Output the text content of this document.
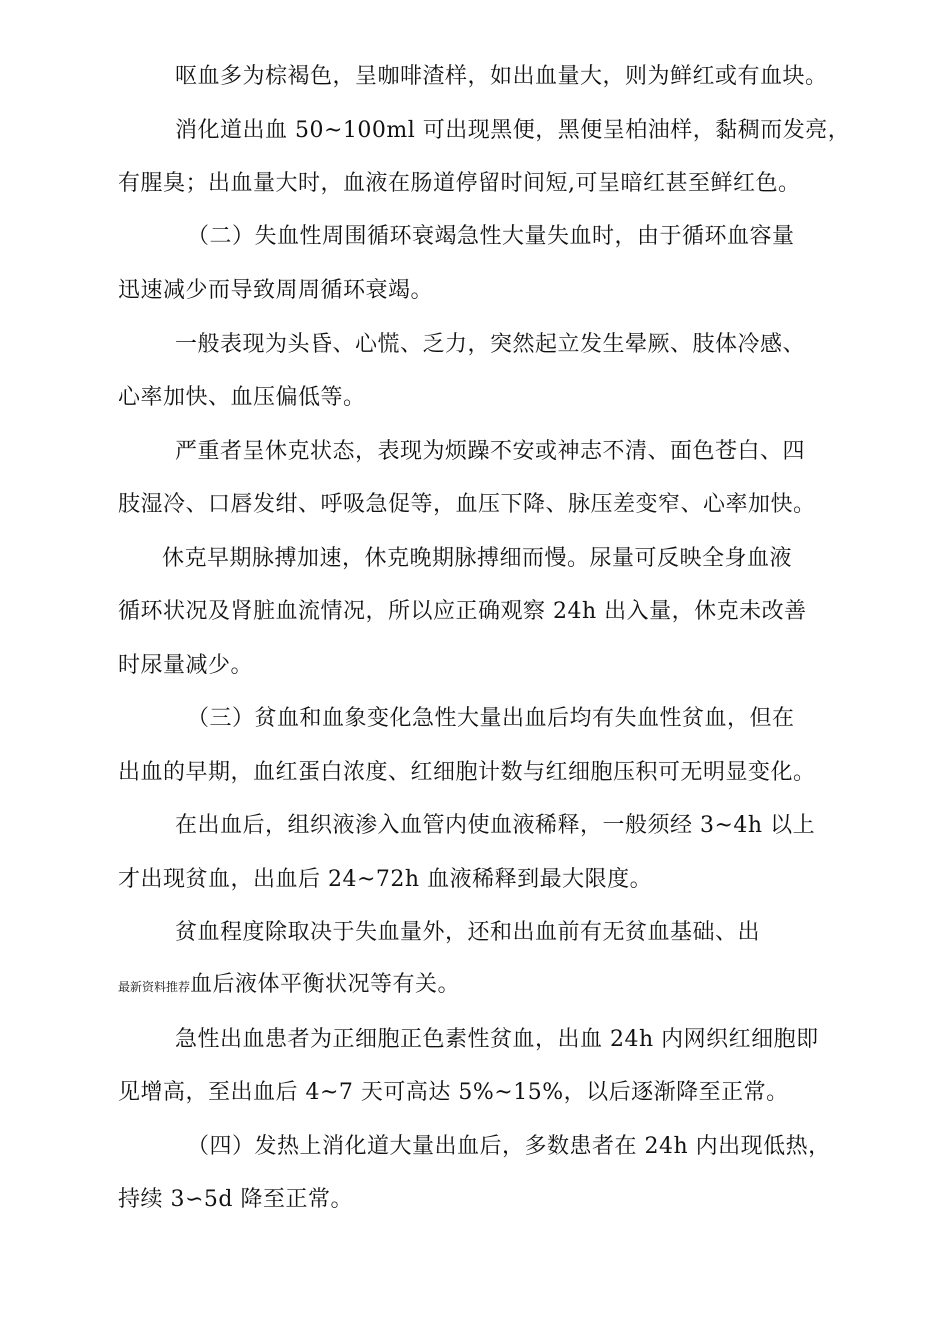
呕血多为棕褐色，呈咖啡渣样，如出血量大，则为鲜红或有血块。
消化道出血 50~100ml 可出现黑便，黑便呈柏油样，黏稠而发亮，
有腥臭；出血量大时，血液在肠道停留时间短,可呈暗红甚至鲜红色。
（二）失血性周围循环衰竭急性大量失血时，由于循环血容量
迅速减少而导致周周循环衰竭。
一般表现为头昏、心慌、乏力，突然起立发生晕厥、肢体冷感、
心率加快、血压偏低等。
严重者呈休克状态，表现为烦躁不安或神志不清、面色苍白、四
肢湿冷、口唇发绀、呼吸急促等，血压下降、脉压差变窄、心率加快。
休克早期脉搏加速，休克晚期脉搏细而慢。尿量可反映全身血液
循环状况及肾脏血流情况，所以应正确观察 24h 出入量，休克未改善
时尿量减少。
（三）贫血和血象变化急性大量出血后均有失血性贫血，但在
出血的早期，血红蛋白浓度、红细胞计数与红细胞压积可无明显变化。
在出血后，组织液渗入血管内使血液稀释，一般须经 3~4h 以上
才出现贫血，出血后 24~72h 血液稀释到最大限度。
贫血程度除取决于失血量外，还和出血前有无贫血基础、出
最新资料推荐血后液体平衡状况等有关。
急性出血患者为正细胞正色素性贫血，出血 24h 内网织红细胞即
见增高，至出血后 4~7 天可高达 5%~15%，以后逐渐降至正常。
（四）发热上消化道大量出血后，多数患者在 24h 内出现低热，
持续 3∽5d 降至正常。
